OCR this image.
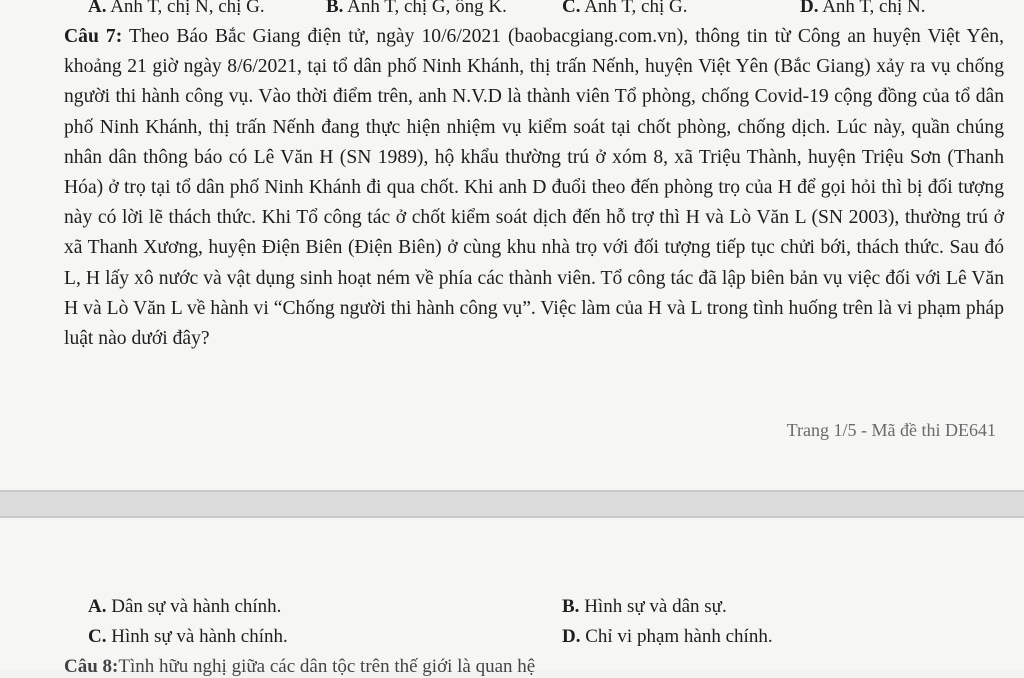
A. Anh T, chị N, chị G.	B. Anh T, chị G, ông K.	C. Anh T, chị G.	D. Anh T, chị N.
Câu 7: Theo Báo Bắc Giang điện tử, ngày 10/6/2021 (baobacgiang.com.vn), thông tin từ Công an huyện Việt Yên, khoảng 21 giờ ngày 8/6/2021, tại tổ dân phố Ninh Khánh, thị trấn Nếnh, huyện Việt Yên (Bắc Giang) xảy ra vụ chống người thi hành công vụ. Vào thời điểm trên, anh N.V.D là thành viên Tổ phòng, chống Covid-19 cộng đồng của tổ dân phố Ninh Khánh, thị trấn Nếnh đang thực hiện nhiệm vụ kiểm soát tại chốt phòng, chống dịch. Lúc này, quần chúng nhân dân thông báo có Lê Văn H (SN 1989), hộ khẩu thường trú ở xóm 8, xã Triệu Thành, huyện Triệu Sơn (Thanh Hóa) ở trọ tại tổ dân phố Ninh Khánh đi qua chốt. Khi anh D đuổi theo đến phòng trọ của H để gọi hỏi thì bị đối tượng này có lời lẽ thách thức. Khi Tổ công tác ở chốt kiểm soát dịch đến hỗ trợ thì H và Lò Văn L (SN 2003), thường trú ở xã Thanh Xương, huyện Điện Biên (Điện Biên) ở cùng khu nhà trọ với đối tượng tiếp tục chửi bới, thách thức. Sau đó L, H lấy xô nước và vật dụng sinh hoạt ném về phía các thành viên. Tổ công tác đã lập biên bản vụ việc đối với Lê Văn H và Lò Văn L về hành vi “Chống người thi hành công vụ”. Việc làm của H và L trong tình huống trên là vi phạm pháp luật nào dưới đây?
Trang 1/5 - Mã đề thi DE641
A. Dân sự và hành chính.	B. Hình sự và dân sự.
C. Hình sự và hành chính.	D. Chỉ vi phạm hành chính.
Câu 8: Tình hữu nghị giữa các dân tộc trên thế giới là quan hệ
